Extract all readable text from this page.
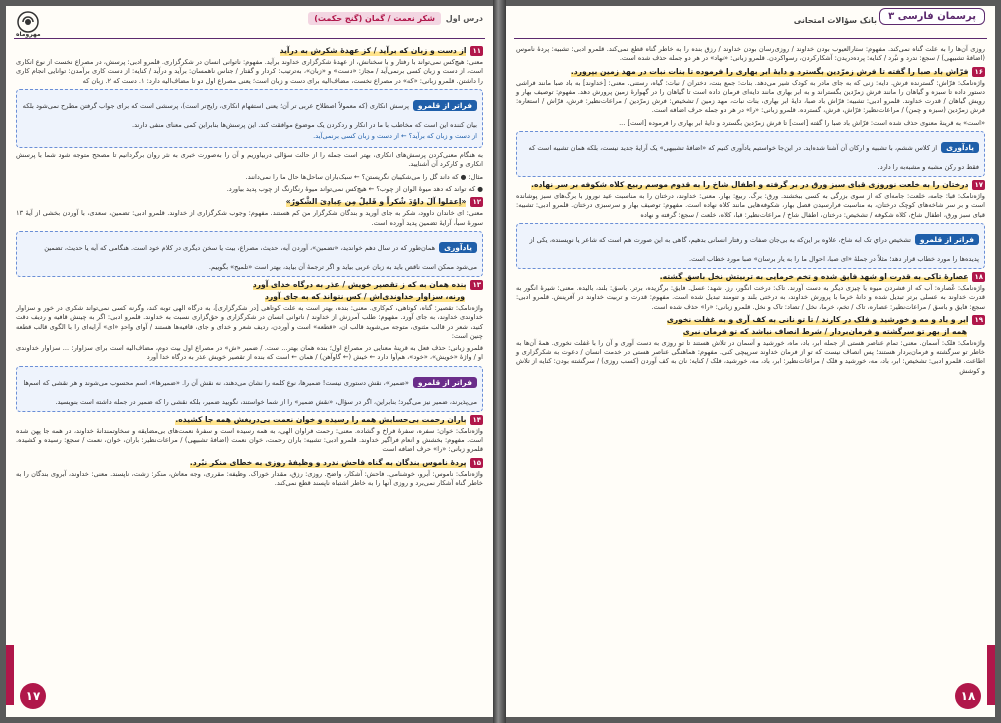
مهروماه
درس اول
شکر نعمت / گمان (گنج حکمت)
۱۱
از دست و زبان که برآید / کز عهدهٔ شکرش به درآید
معنی: هیچ‌کس نمی‌تواند با رفتار و با سخنانش، از عهدهٔ شکرگزاری خداوند برآید. مفهوم: ناتوانی انسان در شکرگزاری. قلمرو ادبی: پرسش، در مصراع نخست از نوع انکاری است، از دست و زبان کسی برنمی‌آید / مجاز: «دست» و «زبان»، به‌ترتیب: کردار و گفتار / جناس ناهمسان: برآید و درآید / کنایه: از دست کاری برآمدن: توانایی انجام کاری را داشتن. قلمرو زبانی: «که» در مصراع نخست، مضاف‌الیه برای دست و زبان است؛ یعنی مصراع اول دو تا مضاف‌الیه دارد: ۱. دست که ۲. زبان که
فراتر از قلمروپرسش انکاری (که معمولاً اصطلاح عربی تر آن؛ یعنی استفهام انکاری، رایج‌تر است)، پرسشی است که برای جواب گرفتن مطرح نمی‌شود بلکه بیان کننده این است که مخاطب با ما در انکار و ردکردن یک موضوع موافقت کند. این پرسش‌ها بنابراین کمی معنای منفی دارند.
از دست و زبان که برآید؟ ← از دست و زبان کسی برنمی‌آید.
به هنگام معنی‌کردن پرسش‌های انکاری، بهتر است جمله را از حالت سؤالی دربیاوریم و آن را به‌صورت خبری به نثر روان برگردانیم تا مصحح متوجه شود شما با پرسش انکاری و کارکرد آن آشنایید.
مثال: ● که داند گل را می‌شکیبان نگریستن؟ ← سبک‌باران ساحل‌ها حال ما را نمی‌دانند.
● که تواند که دهد میوهٔ الوان از چوب؟ ← هیچ‌کس نمی‌تواند میوهٔ رنگارنگ از چوب پدید بیاورد.
۱۲
«اِعمَلوا آلَ داوُدَ شُکراً و قَلیلٌ مِن عِبادِیَ الشَّکورُ»
معنی: ای خاندان داوود، شکر به جای آورید و بندگان شکرگزار من کم هستند. مفهوم: وجوب شکرگزاری از خداوند. قلمرو ادبی: تضمین، سعدی، با آوردن بخشی از آیهٔ ۱۳ سورهٔ سبأ، آرایهٔ تضمین پدید آورده است.
یادآوریهمان‌طور که در سال دهم خواندید، «تضمین»، آوردن آیه، حدیث، مصراع، بیت یا سخن دیگری در کلام خود است. هنگامی که آیه یا حدیث، تضمین می‌شود ممکن است ناقص باید به زبان عربی بیاید و اگر ترجمهٔ آن بیاید، بهتر است «تلمیح» بگوییم.
۱۳
بنده همان به که ز تقصیر خویش / عذر به درگاه خدای آورد
ورنه، سزاوار خداوندی‌اش / کس نتواند که به جای آورد
واژه‌نامک: تقصیر: گناه، کوتاهی، کم‌کاری. معنی: بنده، بهتر است به علت کوتاهی [در شکرگزاری]، به درگاه الهی توبه کند، وگرنه کسی نمی‌تواند شکری در خور و سزاوار خداوندی خداوند، به جای آورد. مفهوم: طلب آمرزش از خداوند / ناتوانی انسان در شکرگزاری و حق‌گزاری نسبت به خداوند. قلمرو ادبی: اگر به چینش قافیه و ردیف دقت کنید، شعر در قالب مثنوی، متوجه می‌شوید قالب ان، «قطعه» است و آوردن، ردیف شعر و خدای و جای، قافیه‌ها هستند / آوای واحدِ «ای» آرایه‌ای را با الگوی قالب قطعه چنین است:
قلمرو زبانی: حذف فعل به قرینهٔ معنایی در مصراع اول؛ بنده همان بهتر... ست. / ضمیر «ش» در مصراع اول بیت دوم، مضاف‌الیه است برای سزاوار: ... سزاوار خداوندی او / واژهٔ «خویش»، «خود»، هم‌آوا دارد ← خیش (← گاوآهن) / همان ← است که بنده از تقصیر خویش عذر به درگاه خدا آورد
فراتر از قلمرو«ضمیر»، نقش دستوری نیست! ضمیرها، نوع کلمه را نشان می‌دهند، نه نقش آن را. «ضمیرها»، اسم محسوب می‌شوند و هر نقشی که اسم‌ها می‌پذیرند، ضمیر نیز می‌گیرد؛ بنابراین، اگر در سؤال، «نقش ضمیر» را از شما خواستند، نگویید ضمیر، بلکه نقشی را که ضمیر در جمله داشته است بنویسید.
۱۴
باران رحمت بی‌حسابش همه را رسیده و خوان نعمت بی‌دریغش همه جا کشیده.
واژه‌نامک: خوان: سفره، سفرهٔ فراخ و گشاده. معنی: رحمت فراوان الهی، به همه رسیده است و سفرهٔ نعمت‌های بی‌مضایقه و سخاوتمندانهٔ خداوند، در همه جا پهن شده است. مفهوم: بخشش و انعام فراگیر خداوند. قلمرو ادبی: تشبیه: باران رحمت، خوان نعمت (اضافهٔ تشبیهی) / مراعات‌نظیر: باران، خوان، نعمت / سجع: رسیده و کشیده. قلمرو زبانی: «را» حرف اضافه است
۱۵
پردهٔ ناموس بندگان به گناه فاحش ندرد و وظیفهٔ روزی به خطای منکر نبُرد.
واژه‌نامک: ناموس: آبرو، خوشنامی. فاحش: آشکار، واضح. روزی: رزق، مقدار خوراک. وظیفه: مقرری، وجه معاش، منکر: زشت، ناپسند. معنی: خداوند، آبروی بندگان را به خاطر گناه آشکار نمی‌برد و روزی آنها را به خاطر اشتباه ناپسند قطع نمی‌کند.
۱۷
پرسمان فارسی ۳
بانک سؤالات امتحانی
روزی آن‌ها را به علت گناه نمی‌کند. مفهوم: ستارالعیوب بودن خداوند / روزی‌رسان بودن خداوند / رزق بنده را به خاطر گناه قطع نمی‌کند. قلمرو ادبی: تشبیه: پردهٔ ناموس (اضافهٔ تشبیهی) / سجع: ندرد و نبُرد / کنایه: پرده‌دریدن: آشکارکردن، رسواکردن. قلمرو زبانی: «نهاد» در هر دو جمله حذف شده است.
۱۶
فرّاش باد صبا را گفته تا فرش زمرّدین بگسترد و دایهٔ ابر بهاری را فرموده تا بنات نبات در مهد زمین بپرورد.
واژه‌نامک: فرّاش: گسترنده فرش. دایه: زنی که به جای مادر به کودک شیر می‌دهد. بنات: جمع بنت، دختران / نبات: گیاه، رستنی. معنی: [خداوند] به باد صبا مانند فراشی دستور داده تا سبزه و گیاهان را مانند فرش زمرّدین بگستراند و به ابر بهاری مانند دایه‌ای فرمان داده است تا گیاهان را در گهوارهٔ زمین پرورش دهد. مفهوم: توصیف بهار و رویش گیاهان / قدرت خداوند. قلمرو ادبی: تشبیه: فرّاش باد صبا، دایهٔ ابر بهاری، بنات نبات، مهد زمین / تشخیص: فرش زمرّدین / مراعات‌نظیر: فرش، فرّاش / استعاره: فرش زمرّدین (سبزه و چمن) / مراعات‌نظیر: فرّاش، فرش، گسترده. قلمرو زبانی: «را» در هر دو جمله حرف اضافه است.
«است» به قرینهٔ معنوی حذف شده است: فرّاش باد صبا را گفته [است] تا فرش زمرّدین بگسترد و دایهٔ ابر بهاری را فرموده [است] ...
یادآوریاز کلاس ششم، با تشبیه و ارکان آن آشنا شده‌اید. در این‌جا خواستیم یادآوری کنیم که «اضافهٔ تشبیهی» یک آرایهٔ جدید نیست، بلکه همان تشبیه است که فقط دو رکن مشبه و مشبه‌به را دارد.
۱۷
درختان را به خلعت نوروزی قبای سبز ورق در بر گرفته و اطفال شاخ را به قدوم موسم ربیع کلاه شکوفه بر سر نهاده.
واژه‌نامک: قبا: جامه، خلعت: جامه‌ای که از سوی بزرگی به کسی ببخشند. ورق: برگ. ربیع: بهار. معنی: خداوند، درختان را به مناسبت عید نوروز با برگ‌های سبز پوشانده است و بر سر شاخه‌های کوچک درختان، به مناسبت فرارسیدن فصل بهار، شکوفه‌هایی مانند کلاه نهاده است. مفهوم: توصیف بهار و سرسبزی درختان. قلمرو ادبی: تشبیه: قبای سبز ورق، اطفال شاخ، کلاه شکوفه / تشخیص: درختان، اطفال شاخ / مراعات‌نظیر: قبا، کلاه، خلعت / سجع: گرفته و نهاده
فراتر از قلمروتشخیص دراي تک ابه شاخ، علاوه بر این‌که به بی‌جان صفات و رفتار انسانی بدهیم، گاهی به این صورت هم است که شاعر یا نویسنده، یکی از پدیده‌ها را مورد خطاب قرار دهد؛ مثلاً در جملهٔ «ای صبا، احوال ما را به یار برسان» صبا مورد خطاب است.
۱۸
عصارهٔ تاکی به قدرت او شهد فایق شده و تخم خرمایی به تربیتش نخل باسق گشته.
واژه‌نامک: عُصاره: آب که از فشردن میوه یا چیزی دیگر به دست آورند. تاک: درخت انگور، رز. شهد: عسل. فایق: برگزیده، برتر. باسق: بلند، بالیده. معنی: شیرهٔ انگور به قدرت خداوند به عسلی برتر تبدیل شده و دانهٔ خرما با پرورش خداوند، به درختی بلند و تنومند تبدیل شده است. مفهوم: قدرت و تربیت خداوند در آفرینش. قلمرو ادبی: سجع: فایق و باسق / مراعات‌نظیر: عصاره، تاک / تخم، خرما، نخل / تضاد: تاک و نخل. قلمرو زبانی: «را» حذف شده است.
۱۹
ابر و باد و مه و خورشید و فلک در کارند / تا تو نانی به کف آری و به غفلت نخوری
همه از بهر تو سرگشته و فرمان‌بردار / شرط انصاف نباشد که تو فرمان نبری
واژه‌نامک: فلک: آسمان. معنی: تمام عناصر هستی از جمله ابر، باد، ماه، خورشید و آسمان در تلاش هستند تا تو روزی به دست آوری و آن را با غفلت نخوری. همهٔ آن‌ها به خاطر تو سرگشته و فرمان‌بردار هستند؛ پس انصاف نیست که تو از فرمان خداوند سرپیچی کنی. مفهوم: هماهنگی عناصر هستی در خدمت انسان / دعوت به شکرگزاری و اطاعت. قلمرو ادبی: تشخیص: ابر، باد، مه، خورشید و فلک / مراعات‌نظیر: ابر، باد، مه، خورشید، فلک / کنایه: نان به کف آوردن (کسب روزی) / سرگشته بودن: کنایه از تلاش و کوشش
۱۸
